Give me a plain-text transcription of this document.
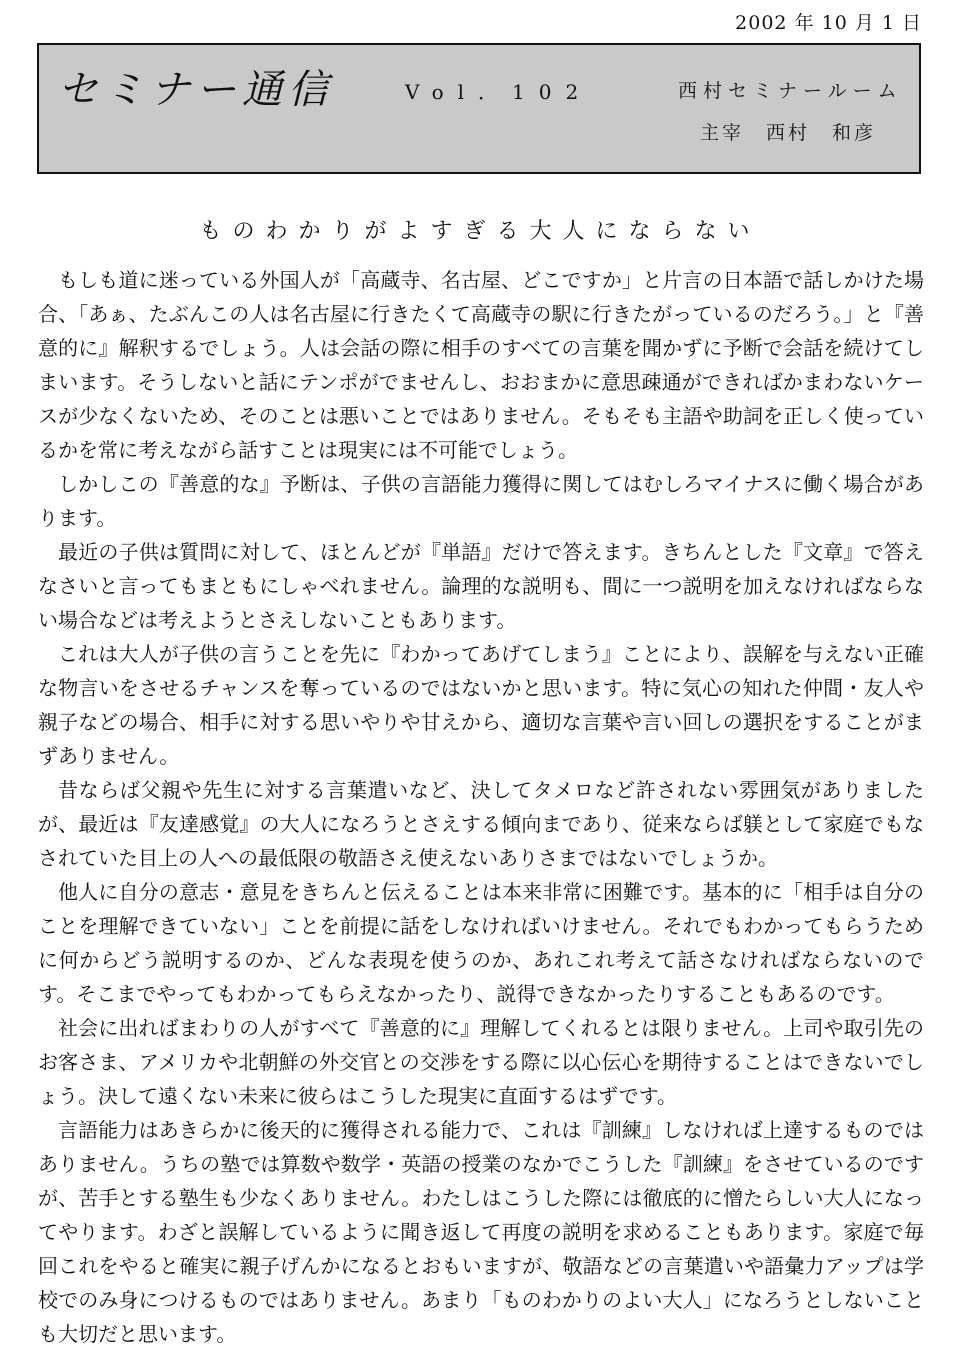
2002 年 10 月 1 日
セミナー通信	Vol．102	西村セミナールーム
主宰　西村　和彦
ものわかりがよすぎる大人にならない

もしも道に迷っている外国人が「高蔵寺、名古屋、どこですか」と片言の日本語で話しかけた場合、「あぁ、たぶんこの人は名古屋に行きたくて高蔵寺の駅に行きたがっているのだろう。」と『善意的に』解釈するでしょう。人は会話の際に相手のすべての言葉を聞かずに予断で会話を続けてしまいます。そうしないと話にテンポがでませんし、おおまかに意思疎通ができればかまわないケースが少なくないため、そのことは悪いことではありません。そもそも主語や助詞を正しく使っているかを常に考えながら話すことは現実には不可能でしょう。

しかしこの『善意的な』予断は、子供の言語能力獲得に関してはむしろマイナスに働く場合があります。

最近の子供は質問に対して、ほとんどが『単語』だけで答えます。きちんとした『文章』で答えなさいと言ってもまともにしゃべれません。論理的な説明も、間に一つ説明を加えなければならない場合などは考えようとさえしないこともあります。

これは大人が子供の言うことを先に『わかってあげてしまう』ことにより、誤解を与えない正確な物言いをさせるチャンスを奪っているのではないかと思います。特に気心の知れた仲間・友人や親子などの場合、相手に対する思いやりや甘えから、適切な言葉や言い回しの選択をすることがまずありません。

昔ならば父親や先生に対する言葉遣いなど、決してタメロなど許されない雰囲気がありましたが、最近は『友達感覚』の大人になろうとさえする傾向まであり、従来ならば躾として家庭でもなされていた目上の人への最低限の敬語さえ使えないありさまではないでしょうか。

他人に自分の意志・意見をきちんと伝えることは本来非常に困難です。基本的に「相手は自分のことを理解できていない」ことを前提に話をしなければいけません。それでもわかってもらうために何からどう説明するのか、どんな表現を使うのか、あれこれ考えて話さなければならないのです。そこまでやってもわかってもらえなかったり、説得できなかったりすることもあるのです。

社会に出ればまわりの人がすべて『善意的に』理解してくれるとは限りません。上司や取引先のお客さま、アメリカや北朝鮮の外交官との交渉をする際に以心伝心を期待することはできないでしょう。決して遠くない未来に彼らはこうした現実に直面するはずです。

言語能力はあきらかに後天的に獲得される能力で、これは『訓練』しなければ上達するものではありません。うちの塾では算数や数学・英語の授業のなかでこうした『訓練』をさせているのですが、苦手とする塾生も少なくありません。わたしはこうした際には徹底的に憎たらしい大人になってやります。わざと誤解しているように聞き返して再度の説明を求めることもあります。家庭で毎回これをやると確実に親子げんかになるとおもいますが、敬語などの言葉遣いや語彙力アップは学校でのみ身につけるものではありません。あまり「ものわかりのよい大人」になろうとしないことも大切だと思います。
